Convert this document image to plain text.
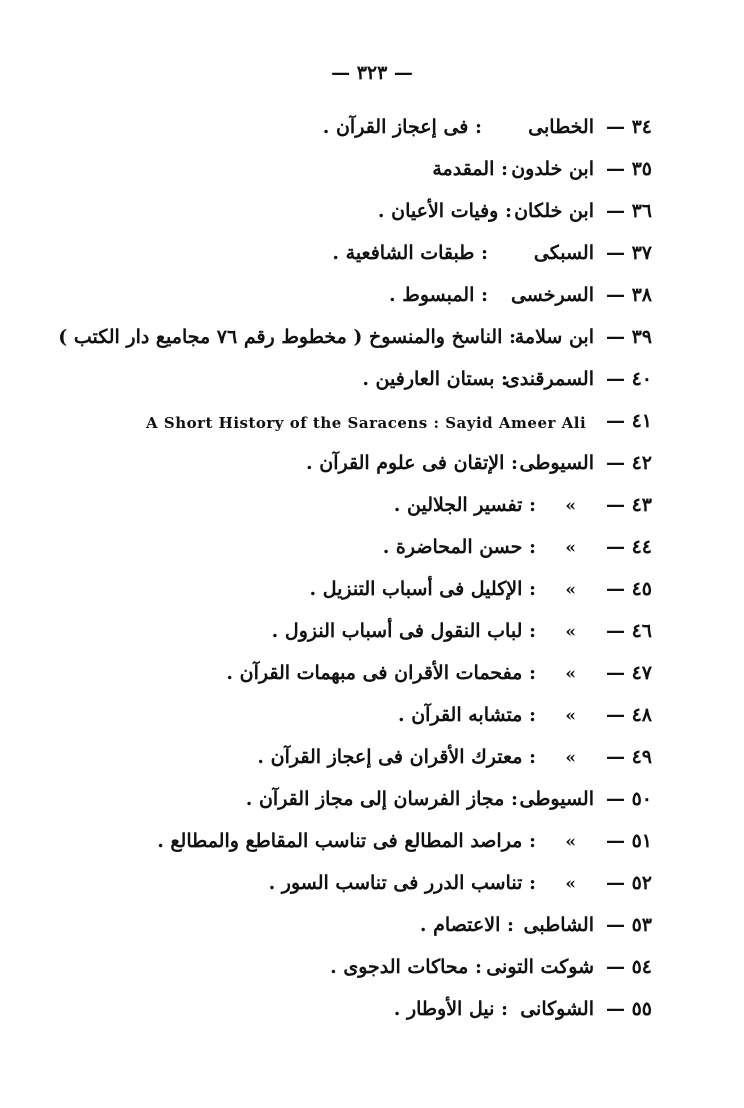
— ٣٢٣ —
٣٤ —
الخطابى
: فى إعجاز القرآن .
٣٥ —
ابن خلدون
: المقدمة
٣٦ —
ابن خلكان
: وفيات الأعيان .
٣٧ —
السبكى
: طبقات الشافعية .
٣٨ —
السرخسى
: المبسوط .
٣٩ —
ابن سلامة
: الناسخ والمنسوخ ( مخطوط رقم ٧٦ مجاميع دار الكتب )
٤٠ —
السمرقندى
: بستان العارفين .
A Short History of the Saracens : Sayid Ameer Ali ٤١ —
٤٢ —
السيوطى
: الإتقان فى علوم القرآن .
٤٣ —
»
: تفسير الجلالين .
٤٤ —
»
: حسن المحاضرة .
٤٥ —
»
: الإكليل فى أسباب التنزيل .
٤٦ —
»
: لباب النقول فى أسباب النزول .
٤٧ —
»
: مفحمات الأقران فى مبهمات القرآن .
٤٨ —
»
: متشابه القرآن .
٤٩ —
»
: معترك الأقران فى إعجاز القرآن .
٥٠ —
السيوطى
: مجاز الفرسان إلى مجاز القرآن .
٥١ —
»
: مراصد المطالع فى تناسب المقاطع والمطالع .
٥٢ —
»
: تناسب الدرر فى تناسب السور .
٥٣ —
الشاطبى
: الاعتصام .
٥٤ —
شوكت التونى
: محاكات الدجوى .
٥٥ —
الشوكانى
: نيل الأوطار .
